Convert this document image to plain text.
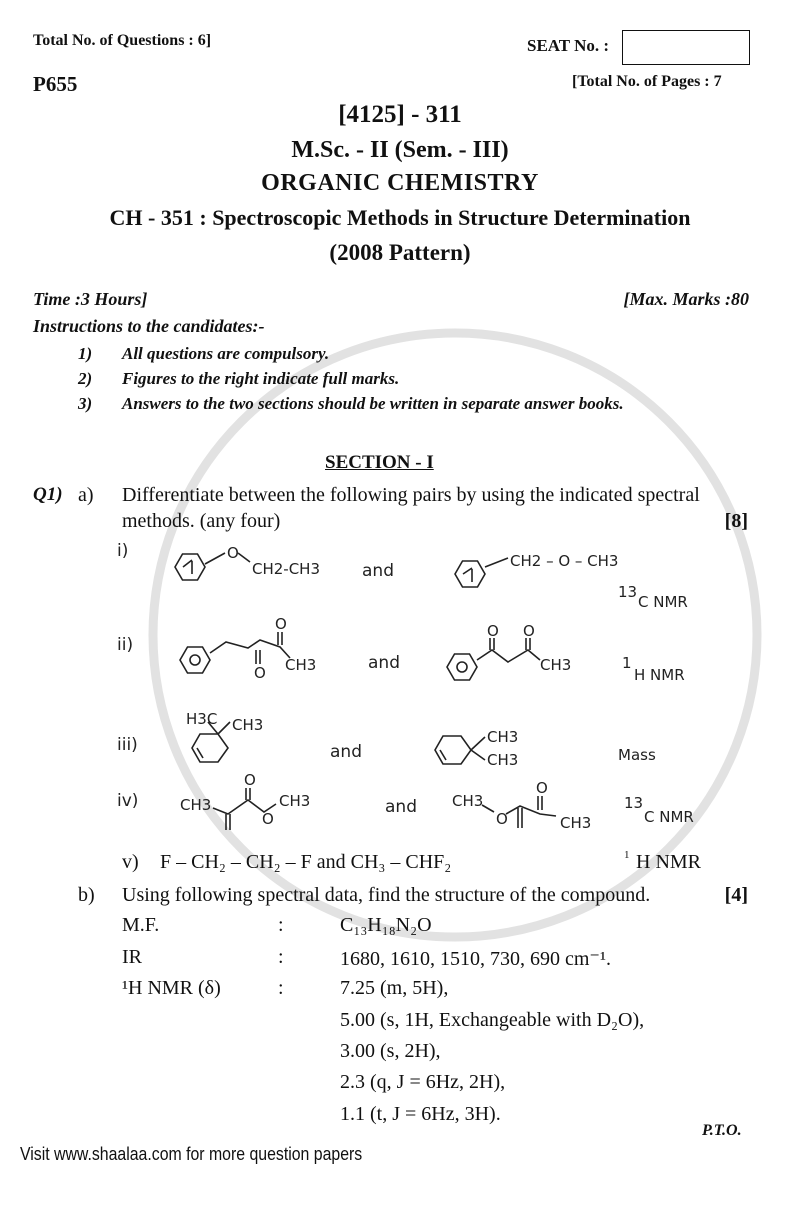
Total No. of Questions : 6]	SEAT No. :
P655	[Total No. of Pages : 7
[4125] - 311
M.Sc. - II (Sem. - III)
ORGANIC CHEMISTRY
CH - 351 : Spectroscopic Methods in Structure Determination
(2008 Pattern)
Time :3 Hours]	[Max. Marks :80
Instructions to the candidates:-
1) All questions are compulsory.
2) Figures to the right indicate full marks.
3) Answers to the two sections should be written in separate answer books.
SECTION - I
Q1) a) Differentiate between the following pairs by using the indicated spectral
methods. (any four)	[8]
i)	O
CH2-CH3 and	CH2 – O – CH3
13
C NMR
ii)
O
O
CH3	and
O O
CH3	1
H NMR
iii)
H3C CH3
and
CH3
CH3	Mass
iv)	CH3
O
O
CH3	and CH3
O
O
CH3
13
C NMR
v) F – CH₂ – CH₂ – F and CH₃ – CHF₂	1 H NMR
b) Using following spectral data, find the structure of the compound.	[4]
M.F.	:	C₁₃H₁₈N₂O
IR	:	1680, 1610, 1510, 730, 690 cm⁻¹.
¹H NMR (δ)	:	7.25 (m, 5H),
5.00 (s, 1H, Exchangeable with D₂O),
3.00 (s, 2H),
2.3 (q, J = 6Hz, 2H),
1.1 (t, J = 6Hz, 3H).
P.T.O.
Visit www.shaalaa.com for more question papers
